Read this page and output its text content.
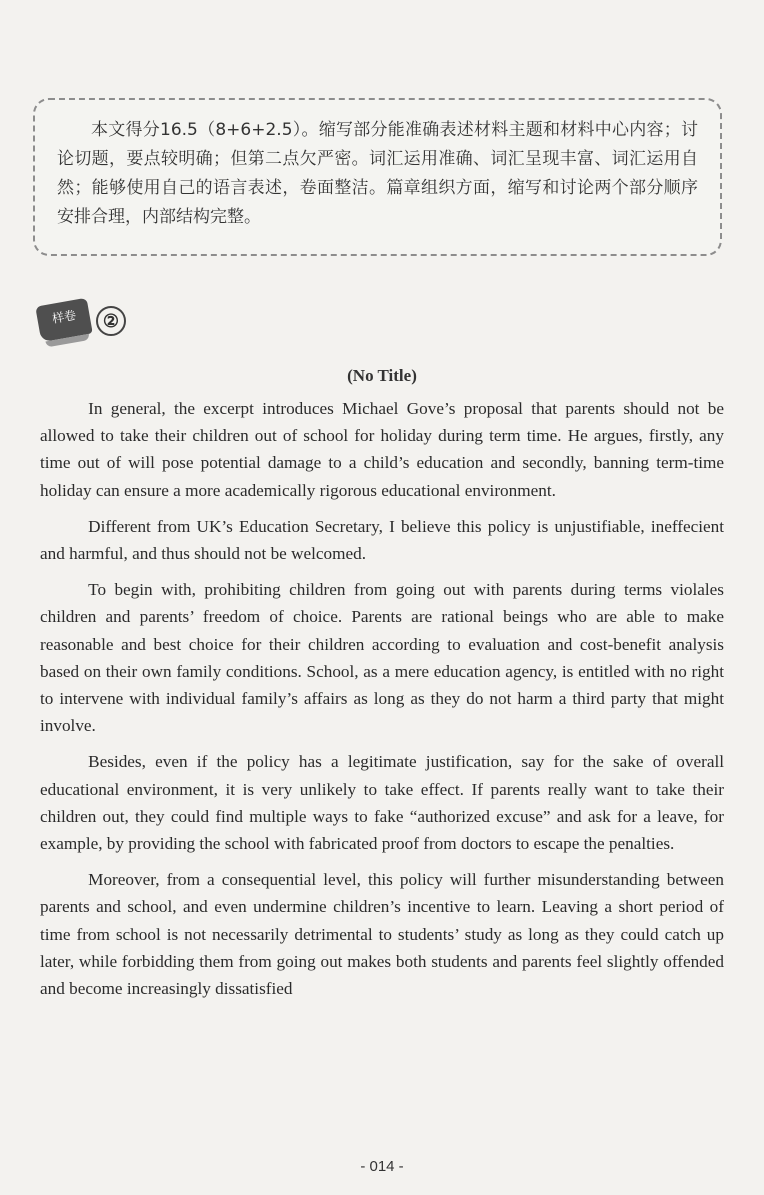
本文得分16.5（8+6+2.5）。缩写部分能准确表述材料主题和材料中心内容；讨论切题，要点较明确；但第二点欠严密。词汇运用准确、词汇呈现丰富、词汇运用自然；能够使用自己的语言表述，卷面整洁。篇章组织方面，缩写和讨论两个部分顺序安排合理，内部结构完整。
样卷	②
(No Title)

In general, the excerpt introduces Michael Gove’s proposal that parents should not be allowed to take their children out of school for holiday during term time. He argues, firstly, any time out of will pose potential damage to a child’s education and secondly, banning term-time holiday can ensure a more academically rigorous educational environment.

Different from UK’s Education Secretary, I believe this policy is unjustifiable, ineffecient and harmful, and thus should not be welcomed.

To begin with, prohibiting children from going out with parents during terms violales children and parents’ freedom of choice. Parents are rational beings who are able to make reasonable and best choice for their children according to evaluation and cost-benefit analysis based on their own family conditions. School, as a mere education agency, is entitled with no right to intervene with individual family’s affairs as long as they do not harm a third party that might involve.

Besides, even if the policy has a legitimate justification, say for the sake of overall educational environment, it is very unlikely to take effect. If parents really want to take their children out, they could find multiple ways to fake “authorized excuse” and ask for a leave, for example, by providing the school with fabricated proof from doctors to escape the penalties.

Moreover, from a consequential level, this policy will further misunderstanding between parents and school, and even undermine children’s incentive to learn. Leaving a short period of time from school is not necessarily detrimental to students’ study as long as they could catch up later, while forbidding them from going out makes both students and parents feel slightly offended and become increasingly dissatisfied

- 014 -
